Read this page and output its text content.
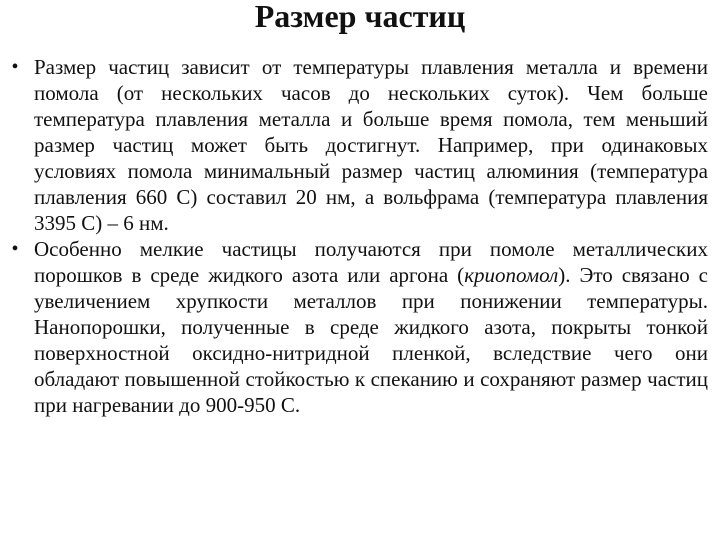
Размер частиц
• Размер частиц зависит от температуры плавления металла и времени помола (от нескольких часов до нескольких суток). Чем больше температура плавления металла и больше время помола, тем меньший размер частиц может быть достигнут. Например, при одинаковых условиях помола минимальный размер частиц алюминия (температура плавления 660 С) составил 20 нм, а вольфрама (температура плавления 3395 С) – 6 нм.
• Особенно мелкие частицы получаются при помоле металлических порошков в среде жидкого азота или аргона (криопомол). Это связано с увеличением хрупкости металлов при понижении температуры. Нанопорошки, полученные в среде жидкого азота, покрыты тонкой поверхностной оксидно-нитридной пленкой, вследствие чего они обладают повышенной стойкостью к спеканию и сохраняют размер частиц при нагревании до 900-950 С.
